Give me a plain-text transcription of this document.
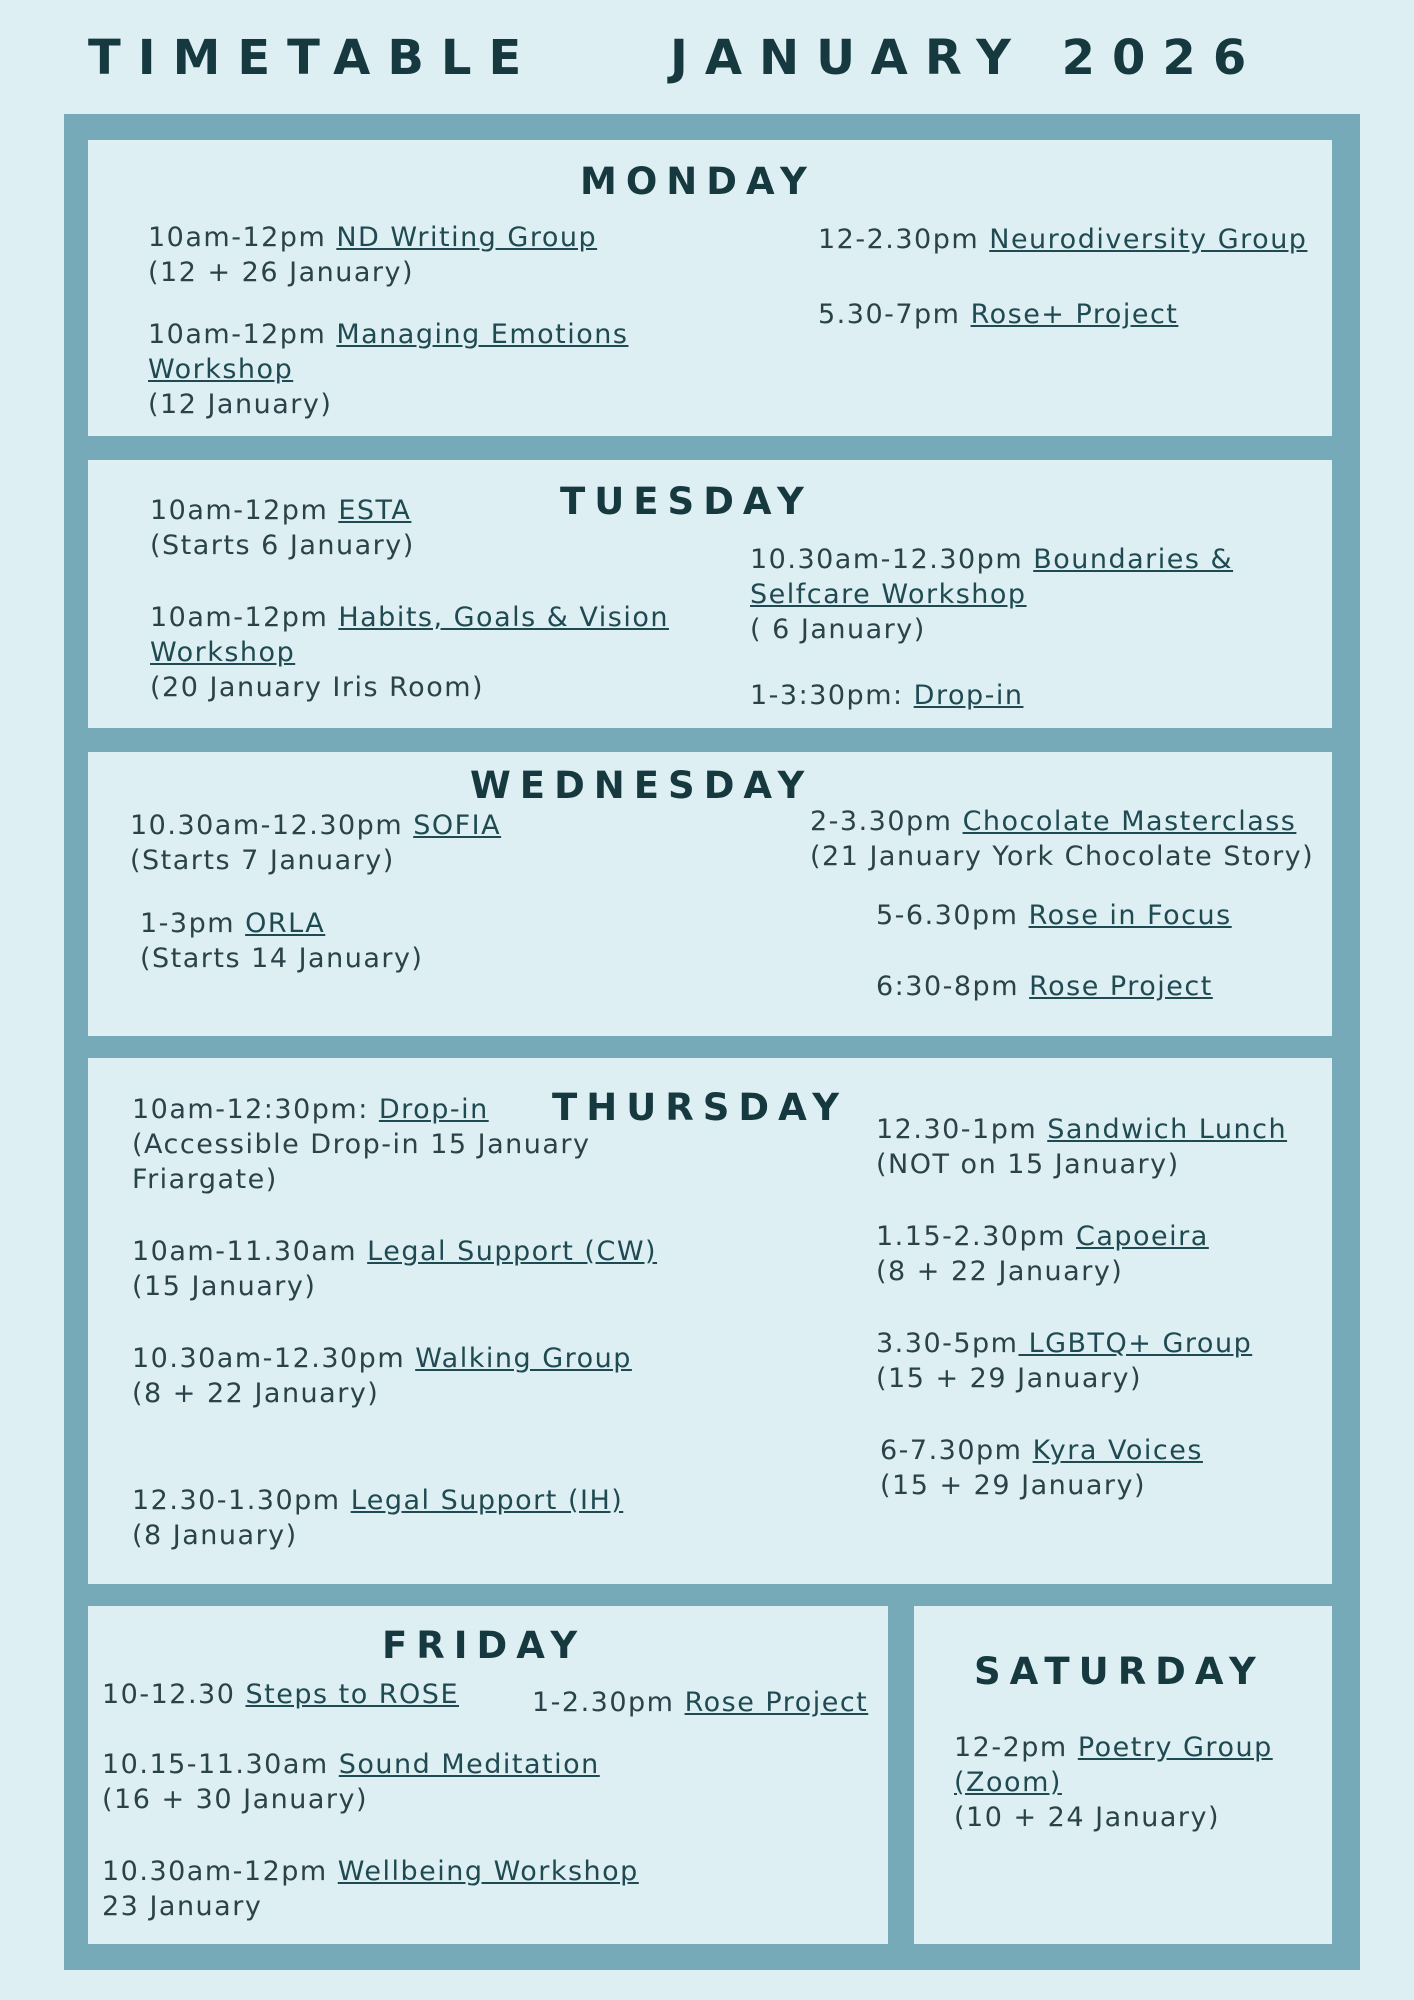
TIMETABLE	JANUARY 2026
MONDAY
10am-12pm ND Writing Group
(12 + 26 January)
10am-12pm Managing Emotions
Workshop
(12 January)
12-2.30pm Neurodiversity Group
5.30-7pm Rose+ Project
TUESDAY
10am-12pm ESTA
(Starts 6 January)
10am-12pm Habits, Goals & Vision
Workshop
(20 January Iris Room)
10.30am-12.30pm Boundaries &
Selfcare Workshop
( 6 January)
1-3:30pm: Drop-in
WEDNESDAY
10.30am-12.30pm SOFIA
(Starts 7 January)
1-3pm ORLA
(Starts 14 January)
2-3.30pm Chocolate Masterclass
(21 January York Chocolate Story)
5-6.30pm Rose in Focus
6:30-8pm Rose Project
THURSDAY
10am-12:30pm: Drop-in
(Accessible Drop-in 15 January
Friargate)
10am-11.30am Legal Support (CW)
(15 January)
10.30am-12.30pm Walking Group
(8 + 22 January)
12.30-1.30pm Legal Support (IH)
(8 January)
12.30-1pm Sandwich Lunch
(NOT on 15 January)
1.15-2.30pm Capoeira
(8 + 22 January)
3.30-5pm LGBTQ+ Group
(15 + 29 January)
6-7.30pm Kyra Voices
(15 + 29 January)
FRIDAY
10-12.30 Steps to ROSE	1-2.30pm Rose Project
10.15-11.30am Sound Meditation
(16 + 30 January)
10.30am-12pm Wellbeing Workshop
23 January
SATURDAY
12-2pm Poetry Group
(Zoom)
(10 + 24 January)
